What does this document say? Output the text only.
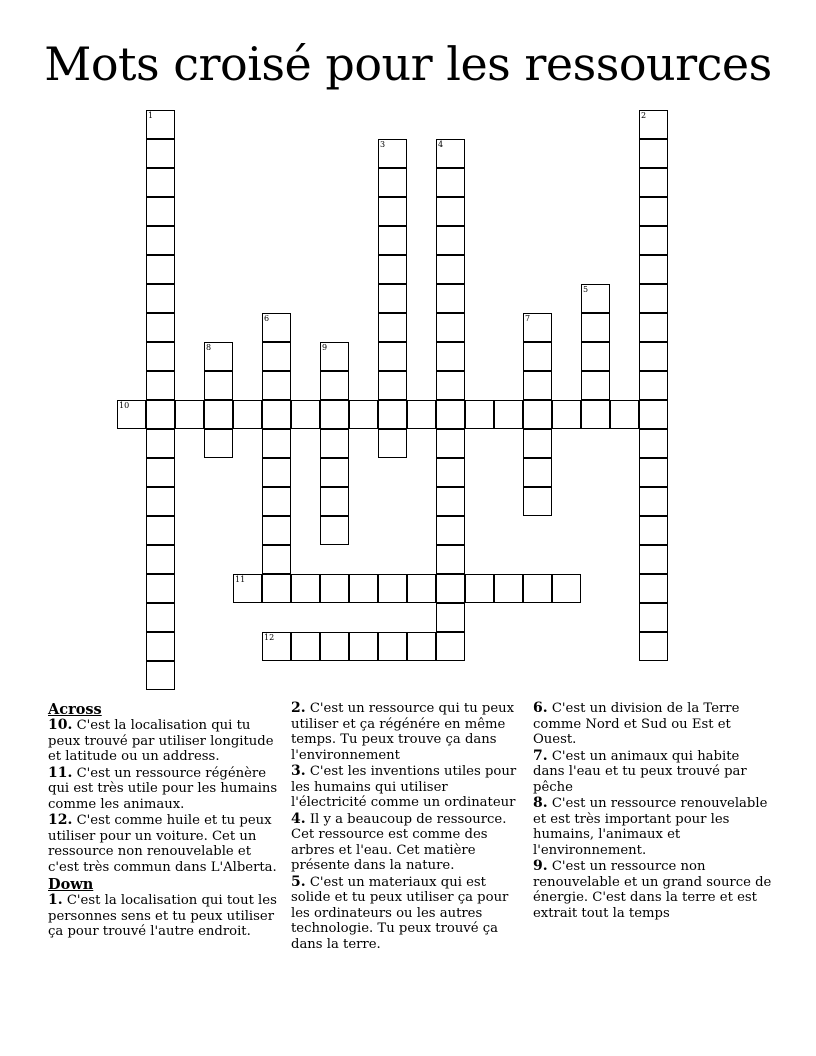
Mots croisé pour les ressources
1	2
3	4
5
6	7
8	9
10
11
12
Across
10. C'est la localisation qui tu peux trouvé par utiliser longitude et latitude ou un address.
11. C'est un ressource régénère qui est très utile pour les humains comme les animaux.
12. C'est comme huile et tu peux utiliser pour un voiture. Cet un ressource non renouvelable et c'est très commun dans L'Alberta.
Down
1. C'est la localisation qui tout les personnes sens et tu peux utiliser ça pour trouvé l'autre endroit.
2. C'est un ressource qui tu peux utiliser et ça régénére en même temps. Tu peux trouve ça dans l'environnement
3. C'est les inventions utiles pour les humains qui utiliser l'électricité comme un ordinateur
4. Il y a beaucoup de ressource. Cet ressource est comme des arbres et l'eau. Cet matière présente dans la nature.
5. C'est un materiaux qui est solide et tu peux utiliser ça pour les ordinateurs ou les autres technologie. Tu peux trouvé ça dans la terre.
6. C'est un division de la Terre comme Nord et Sud ou Est et Ouest.
7. C'est un animaux qui habite dans l'eau et tu peux trouvé par pêche
8. C'est un ressource renouvelable et est très important pour les humains, l'animaux et l'environnement.
9. C'est un ressource non renouvelable et un grand source de énergie. C'est dans la terre et est extrait tout la temps
